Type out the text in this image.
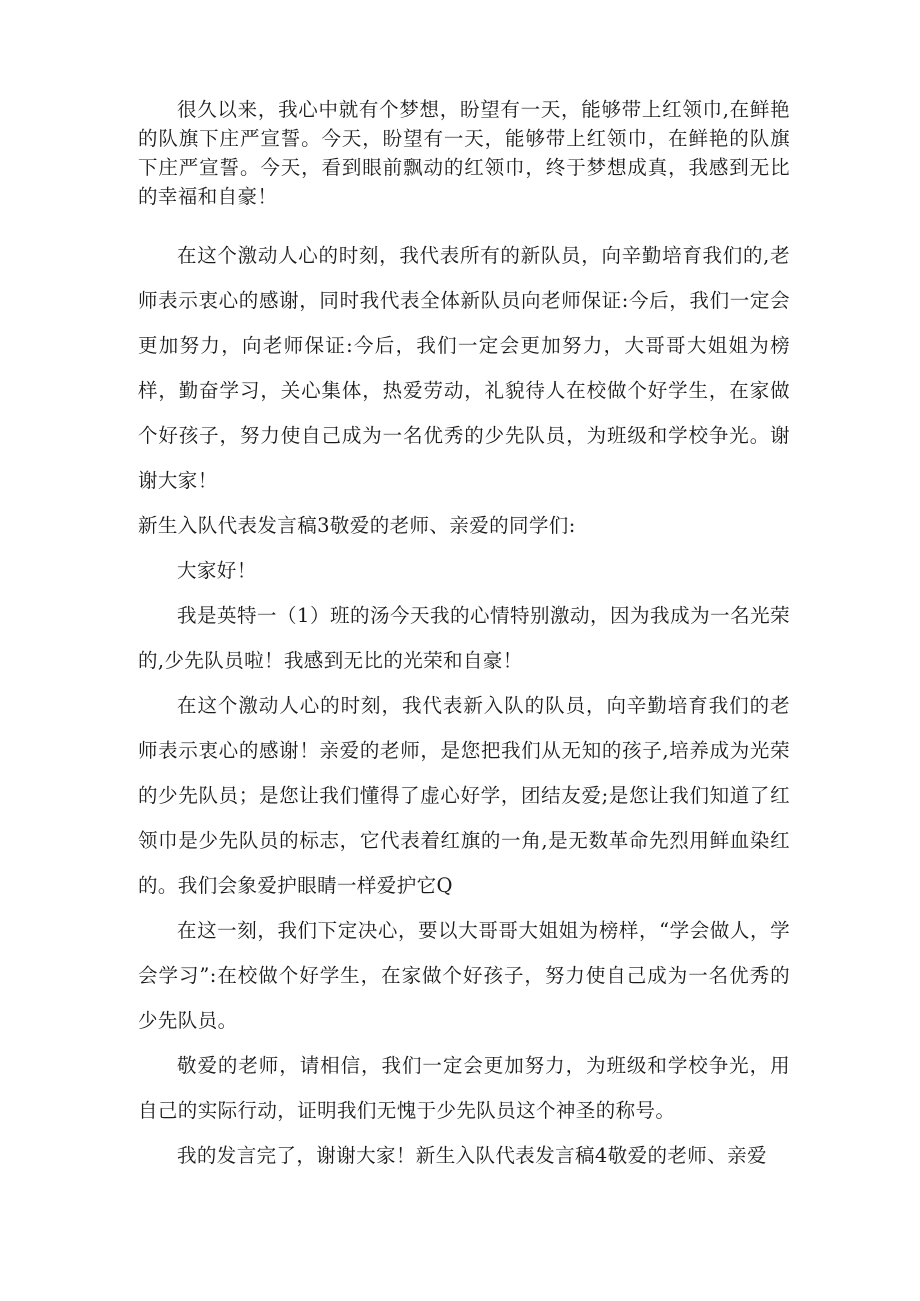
很久以来，我心中就有个梦想，盼望有一天，能够带上红领巾,在鲜艳的队旗下庄严宣誓。今天，盼望有一天，能够带上红领巾，在鲜艳的队旗下庄严宣誓。今天，看到眼前飘动的红领巾，终于梦想成真，我感到无比的幸福和自豪！

在这个激动人心的时刻，我代表所有的新队员，向辛勤培育我们的,老师表示衷心的感谢，同时我代表全体新队员向老师保证:今后，我们一定会更加努力，向老师保证:今后，我们一定会更加努力，大哥哥大姐姐为榜样，勤奋学习，关心集体，热爱劳动，礼貌待人在校做个好学生，在家做个好孩子，努力使自己成为一名优秀的少先队员，为班级和学校争光。谢谢大家！

新生入队代表发言稿3敬爱的老师、亲爱的同学们:

大家好！

我是英特一（1）班的汤今天我的心情特别激动，因为我成为一名光荣的,少先队员啦！我感到无比的光荣和自豪！

在这个激动人心的时刻，我代表新入队的队员，向辛勤培育我们的老师表示衷心的感谢！亲爱的老师，是您把我们从无知的孩子,培养成为光荣的少先队员；是您让我们懂得了虚心好学，团结友爱;是您让我们知道了红领巾是少先队员的标志，它代表着红旗的一角,是无数革命先烈用鲜血染红的。我们会象爱护眼睛一样爱护它Q

在这一刻，我们下定决心，要以大哥哥大姐姐为榜样，“学会做人，学会学习”:在校做个好学生，在家做个好孩子，努力使自己成为一名优秀的少先队员。

敬爱的老师，请相信，我们一定会更加努力，为班级和学校争光，用自己的实际行动，证明我们无愧于少先队员这个神圣的称号。

我的发言完了，谢谢大家！新生入队代表发言稿4敬爱的老师、亲爱
